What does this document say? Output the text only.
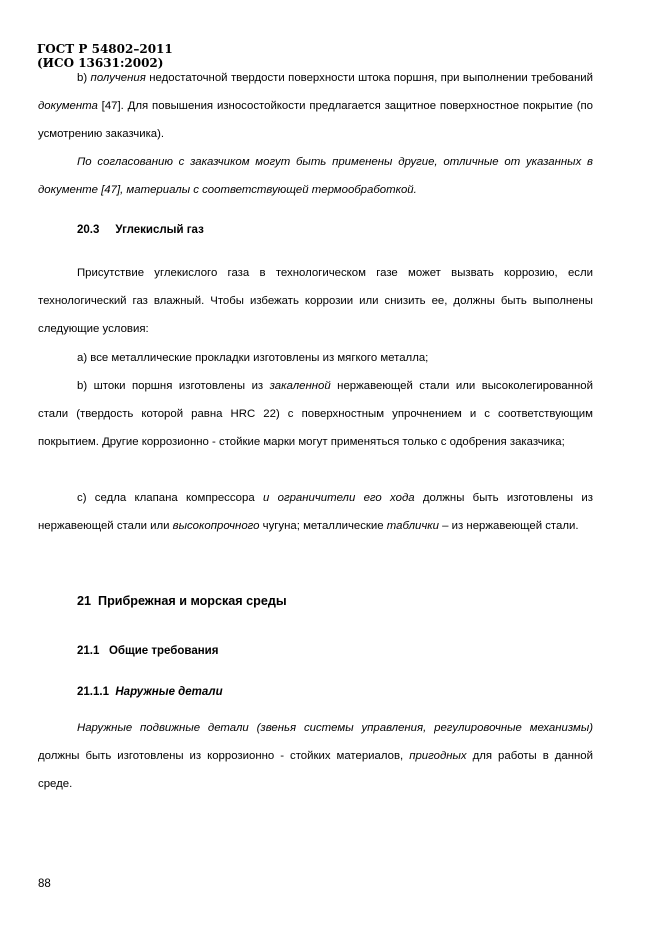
ГОСТ Р 54802–2011
(ИСО 13631:2002)
b) получения недостаточной твердости поверхности штока поршня, при выполнении требований документа [47]. Для повышения износостойкости предлагается защитное поверхностное покрытие (по усмотрению заказчика).
По согласованию с заказчиком могут быть применены другие, отличные от указанных в документе [47], материалы с соответствующей термообработкой.
20.3 Углекислый газ
Присутствие углекислого газа в технологическом газе может вызвать коррозию, если технологический газ влажный. Чтобы избежать коррозии или снизить ее, должны быть выполнены следующие условия:
а) все металлические прокладки изготовлены из мягкого металла;
b) штоки поршня изготовлены из закаленной нержавеющей стали или высоколегированной стали (твердость которой равна HRC 22) с поверхностным упрочнением и с соответствующим покрытием. Другие коррозионно - стойкие марки могут применяться только с одобрения заказчика;
с) седла клапана компрессора и ограничители его хода должны быть изготовлены из нержавеющей стали или высокопрочного чугуна; металлические таблички – из нержавеющей стали.
21 Прибрежная и морская среды
21.1 Общие требования
21.1.1 Наружные детали
Наружные подвижные детали (звенья системы управления, регулировочные механизмы) должны быть изготовлены из коррозионно - стойких материалов, пригодных для работы в данной среде.
88
